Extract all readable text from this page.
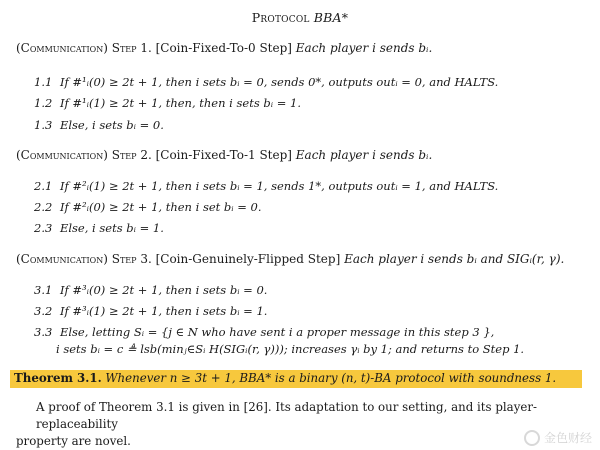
Protocol BBA*
(Communication) Step 1. [Coin-Fixed-To-0 Step] Each player i sends bᵢ.
1.1 If #¹ᵢ(0) ≥ 2t + 1, then i sets bᵢ = 0, sends 0*, outputs outᵢ = 0, and HALTS.
1.2 If #¹ᵢ(1) ≥ 2t + 1, then, then i sets bᵢ = 1.
1.3 Else, i sets bᵢ = 0.
(Communication) Step 2. [Coin-Fixed-To-1 Step] Each player i sends bᵢ.
2.1 If #²ᵢ(1) ≥ 2t + 1, then i sets bᵢ = 1, sends 1*, outputs outᵢ = 1, and HALTS.
2.2 If #²ᵢ(0) ≥ 2t + 1, then i set bᵢ = 0.
2.3 Else, i sets bᵢ = 1.
(Communication) Step 3. [Coin-Genuinely-Flipped Step] Each player i sends bᵢ and SIGᵢ(r, γ).
3.1 If #³ᵢ(0) ≥ 2t + 1, then i sets bᵢ = 0.
3.2 If #³ᵢ(1) ≥ 2t + 1, then i sets bᵢ = 1.
3.3 Else, letting Sᵢ = {j ∈ N who have sent i a proper message in this step 3 },
i sets bᵢ = c ≜ lsb(minⱼ∈Sᵢ H(SIGᵢ(r, γ))); increases γᵢ by 1; and returns to Step 1.
Theorem 3.1. Whenever n ≥ 3t + 1, BBA* is a binary (n, t)-BA protocol with soundness 1.
A proof of Theorem 3.1 is given in [26]. Its adaptation to our setting, and its player-replaceability
property are novel.	金色财经
